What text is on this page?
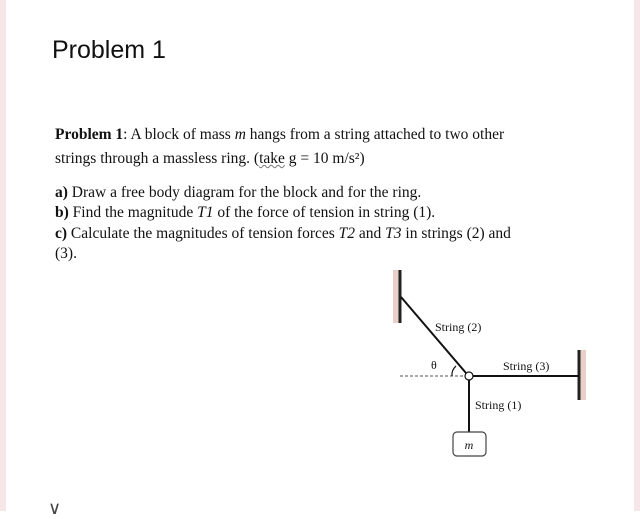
Problem 1
Problem 1: A block of mass m hangs from a string attached to two other
strings through a massless ring. (take g = 10 m/s²)
a) Draw a free body diagram for the block and for the ring.
b) Find the magnitude T1 of the force of tension in string (1).
c) Calculate the magnitudes of tension forces T2 and T3 in strings (2) and
(3).
m
String (2)
String (3)
String (1)
θ
∨
